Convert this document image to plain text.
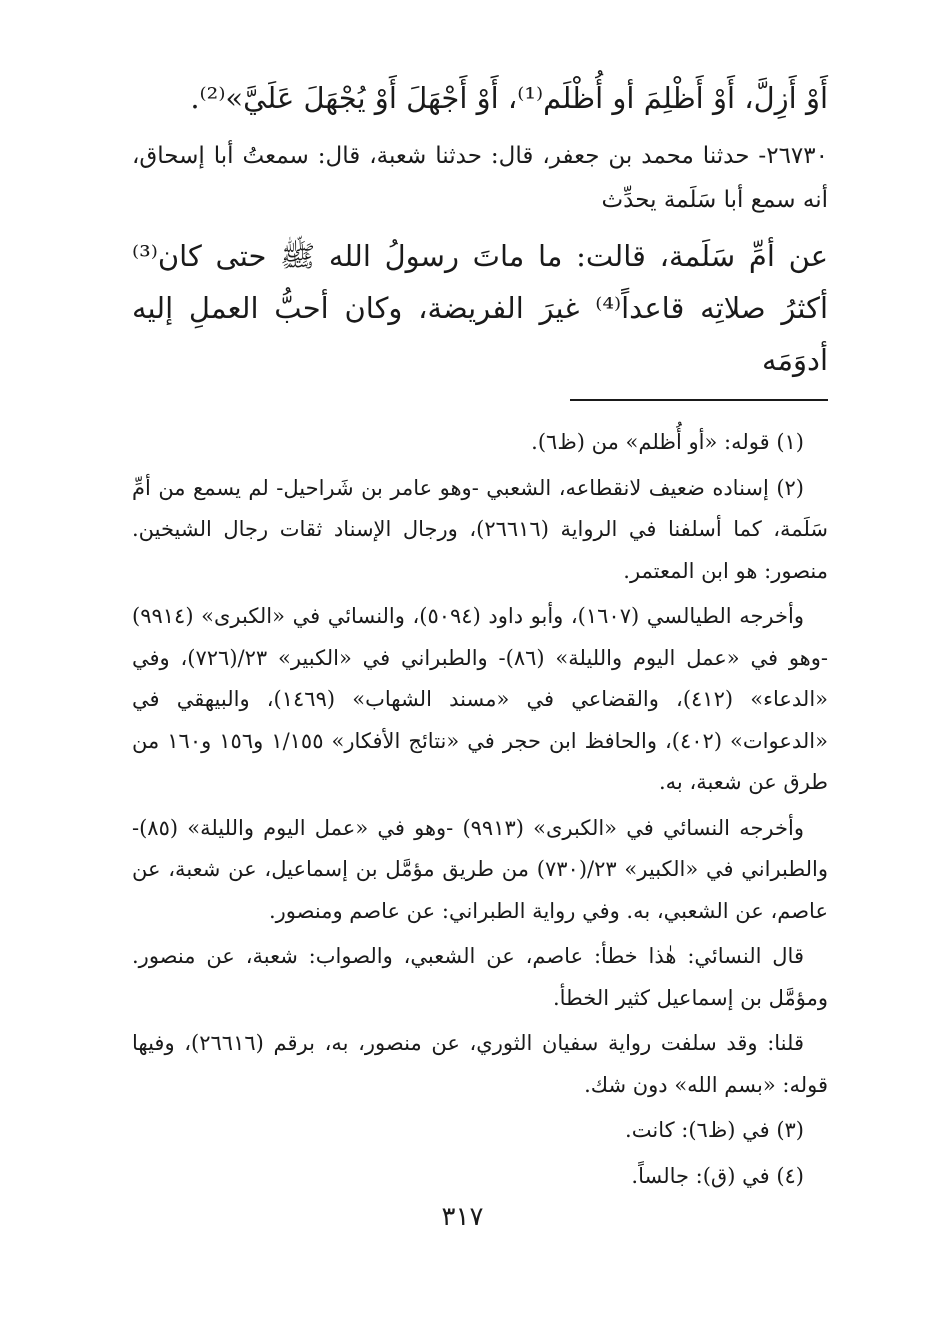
أَوْ أَزِلَّ، أَوْ أَظْلِمَ أو أُظْلَم⁽¹⁾، أَوْ أَجْهَلَ أَوْ يُجْهَلَ عَلَيَّ»⁽²⁾.

٢٦٧٣٠- حدثنا محمد بن جعفر، قال: حدثنا شعبة، قال: سمعتُ أبا إسحاق، أنه سمع أبا سَلَمة يحدِّث

عن أمِّ سَلَمة، قالت: ما ماتَ رسولُ الله ﷺ حتى كان⁽³⁾ أكثرُ صلاتِه قاعداً⁽⁴⁾ غيرَ الفريضة، وكان أحبُّ العملِ إليه أدوَمَه

(١) قوله: «أو أُظلم» من (ظ٦).

(٢) إسناده ضعيف لانقطاعه، الشعبي -وهو عامر بن شَراحيل- لم يسمع من أمِّ سَلَمة، كما أسلفنا في الرواية (٢٦٦١٦)، ورجال الإسناد ثقات رجال الشيخين. منصور: هو ابن المعتمر.

وأخرجه الطيالسي (١٦٠٧)، وأبو داود (٥٠٩٤)، والنسائي في «الكبرى» (٩٩١٤) -وهو في «عمل اليوم والليلة» (٨٦)- والطبراني في «الكبير» ٢٣/(٧٢٦)، وفي «الدعاء» (٤١٢)، والقضاعي في «مسند الشهاب» (١٤٦٩)، والبيهقي في «الدعوات» (٤٠٢)، والحافظ ابن حجر في «نتائج الأفكار» ١/١٥٥ و١٥٦ و١٦٠ من طرق عن شعبة، به.

وأخرجه النسائي في «الكبرى» (٩٩١٣) -وهو في «عمل اليوم والليلة» (٨٥)- والطبراني في «الكبير» ٢٣/(٧٣٠) من طريق مؤمَّل بن إسماعيل، عن شعبة، عن عاصم، عن الشعبي، به. وفي رواية الطبراني: عن عاصم ومنصور.

قال النسائي: هٰذا خطأ: عاصم، عن الشعبي، والصواب: شعبة، عن منصور. ومؤمَّل بن إسماعيل كثير الخطأ.

قلنا: وقد سلفت رواية سفيان الثوري، عن منصور، به، برقم (٢٦٦١٦)، وفيها قوله: «بسم الله» دون شك.

(٣) في (ظ٦): كانت.

(٤) في (ق): جالساً.

٣١٧
